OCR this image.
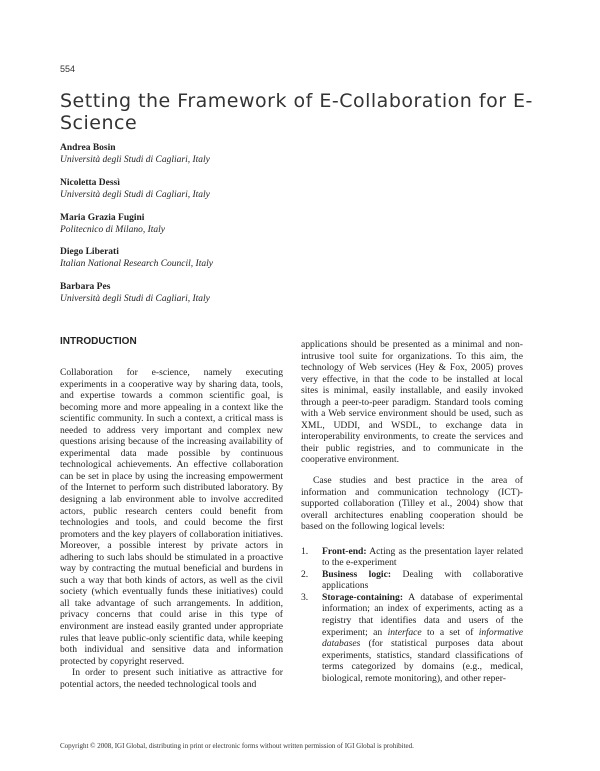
554
Setting the Framework of E-Collaboration for E-Science
Andrea Bosin
Università degli Studi di Cagliari, Italy
Nicoletta Dessì
Università degli Studi di Cagliari, Italy
Maria Grazia Fugini
Politecnico di Milano, Italy
Diego Liberati
Italian National Research Council, Italy
Barbara Pes
Università degli Studi di Cagliari, Italy
INTRODUCTION

Collaboration for e-science, namely executing experiments in a cooperative way by sharing data, tools, and expertise towards a common scientific goal, is becoming more and more appealing in a context like the scientific community. In such a context, a critical mass is needed to address very important and complex new questions arising because of the increasing availability of experimental data made possible by continuous technological achievements. An effective collaboration can be set in place by using the increasing empowerment of the Internet to perform such distributed laboratory. By designing a lab environment able to involve accredited actors, public research centers could benefit from technologies and tools, and could become the first promoters and the key players of collaboration initiatives. Moreover, a possible interest by private actors in adhering to such labs should be stimulated in a proactive way by contracting the mutual beneficial and burdens in such a way that both kinds of actors, as well as the civil society (which eventually funds these initiatives) could all take advantage of such arrangements. In addition, privacy concerns that could arise in this type of environment are instead easily granted under appropriate rules that leave public-only scientific data, while keeping both individual and sensitive data and information protected by copyright reserved.

In order to present such initiative as attractive for potential actors, the needed technological tools and

applications should be presented as a minimal and non-intrusive tool suite for organizations. To this aim, the technology of Web services (Hey & Fox, 2005) proves very effective, in that the code to be installed at local sites is minimal, easily installable, and easily invoked through a peer-to-peer paradigm. Standard tools coming with a Web service environment should be used, such as XML, UDDI, and WSDL, to exchange data in interoperability environments, to create the services and their public registries, and to communicate in the cooperative environment.

Case studies and best practice in the area of information and communication technology (ICT)-supported collaboration (Tilley et al., 2004) show that overall architectures enabling cooperation should be based on the following logical levels:

1. Front-end: Acting as the presentation layer related to the e-experiment
2. Business logic: Dealing with collaborative applications
3. Storage-containing: A database of experimental information; an index of experiments, acting as a registry that identifies data and users of the experiment; an interface to a set of informative databases (for statistical purposes data about experiments, statistics, standard classifications of terms categorized by domains (e.g., medical, biological, remote monitoring), and other reper-
Copyright © 2008, IGI Global, distributing in print or electronic forms without written permission of IGI Global is prohibited.
